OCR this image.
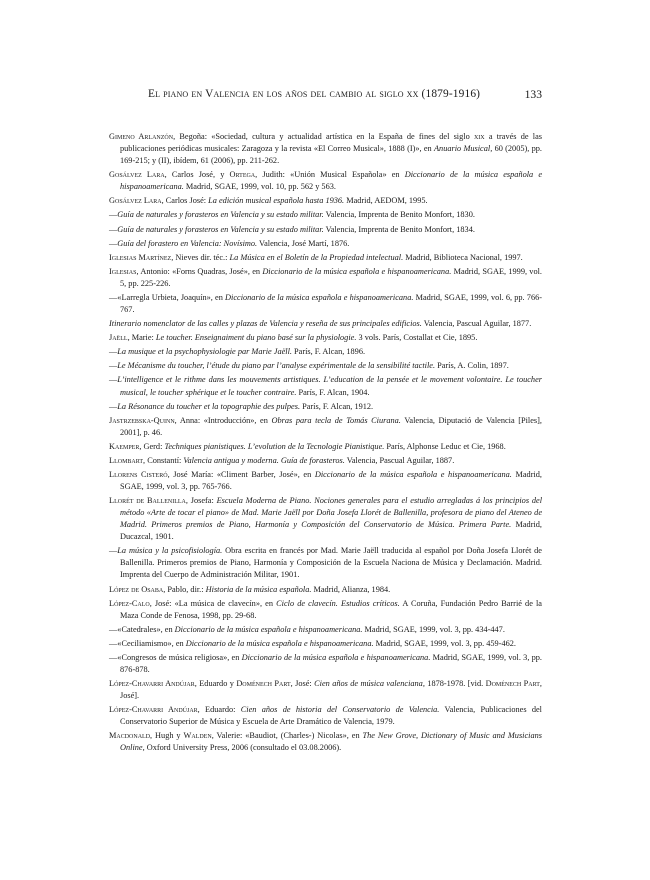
El piano en Valencia en los años del cambio al siglo xx (1879-1916)	133
Gimeno Arlanzón, Begoña: «Sociedad, cultura y actualidad artística en la España de fines del siglo xix a través de las publicaciones periódicas musicales: Zaragoza y la revista «El Correo Musical», 1888 (I)», en Anuario Musical, 60 (2005), pp. 169-215; y (II), ibídem, 61 (2006), pp. 211-262.
Gosálvez Lara, Carlos José, y Ortega, Judith: «Unión Musical Española» en Diccionario de la música española e hispanoamericana. Madrid, SGAE, 1999, vol. 10, pp. 562 y 563.
Gosálvez Lara, Carlos José: La edición musical española hasta 1936. Madrid, AEDOM, 1995.
—Guía de naturales y forasteros en Valencia y su estado militar. Valencia, Imprenta de Benito Monfort, 1830.
—Guía de naturales y forasteros en Valencia y su estado militar. Valencia, Imprenta de Benito Monfort, 1834.
—Guía del forastero en Valencia: Novísimo. Valencia, José Martí, 1876.
Iglesias Martínez, Nieves dir. téc.: La Música en el Boletín de la Propiedad intelectual. Madrid, Biblioteca Nacional, 1997.
Iglesias, Antonio: «Forns Quadras, José», en Diccionario de la música española e hispanoamericana. Madrid, SGAE, 1999, vol. 5, pp. 225-226.
—«Larregla Urbieta, Joaquín», en Diccionario de la música española e hispanoamericana. Madrid, SGAE, 1999, vol. 6, pp. 766-767.
Itinerario nomenclator de las calles y plazas de Valencia y reseña de sus principales edificios. Valencia, Pascual Aguilar, 1877.
Jaëll, Marie: Le toucher. Enseignaiment du piano basé sur la physiologie. 3 vols. París, Costallat et Cie, 1895.
—La musique et la psychophysiologie par Marie Jaëll. París, F. Alcan, 1896.
—Le Mécanisme du toucher, l’étude du piano par l’analyse expérimentale de la sensibilité tactile. París, A. Colin, 1897.
—L’intelligence et le rithme dans les mouvements artistiques. L’education de la pensée et le movement volontaire. Le toucher musical, le toucher sphérique et le toucher contraire. París, F. Alcan, 1904.
—La Résonance du toucher et la topographie des pulpes. París, F. Alcan, 1912.
Jastrzebska-Quinn, Anna: «Introducción», en Obras para tecla de Tomás Ciurana. Valencia, Diputació de Valencia [Piles], 2001], p. 46.
Kaemper, Gerd: Techniques pianistiques. L’evolution de la Tecnologie Pianistique. París, Alphonse Leduc et Cie, 1968.
Llombart, Constantí: Valencia antigua y moderna. Guía de forasteros. Valencia, Pascual Aguilar, 1887.
Llorens Cisteró, José María: «Climent Barber, José», en Diccionario de la música española e hispanoamericana. Madrid, SGAE, 1999, vol. 3, pp. 765-766.
Lloréт de Ballenilla, Josefa: Escuela Moderna de Piano. Nociones generales para el estudio arregladas á los principios del método «Arte de tocar el piano» de Mad. Marie Jaëll por Doña Josefa Llorét de Ballenilla, profesora de piano del Ateneo de Madrid. Primeros premios de Piano, Harmonía y Composición del Conservatorio de Música. Primera Parte. Madrid, Ducazcal, 1901.
—La música y la psicofisiología. Obra escrita en francés por Mad. Marie Jaëll traducida al español por Doña Josefa Llorét de Ballenilla. Primeros premios de Piano, Harmonía y Composición de la Escuela Naciona de Música y Declamación. Madrid. Imprenta del Cuerpo de Administración Militar, 1901.
López de Osaba, Pablo, dir.: Historia de la música española. Madrid, Alianza, 1984.
López-Calo, José: «La música de clavecín», en Ciclo de clavecín. Estudios críticos. A Coruña, Fundación Pedro Barrié de la Maza Conde de Fenosa, 1998, pp. 29-68.
—«Catedrales», en Diccionario de la música española e hispanoamericana. Madrid, SGAE, 1999, vol. 3, pp. 434-447.
—«Ceciliamismo», en Diccionario de la música española e hispanoamericana. Madrid, SGAE, 1999, vol. 3, pp. 459-462.
—«Congresos de música religiosa», en Diccionario de la música española e hispanoamericana. Madrid, SGAE, 1999, vol. 3, pp. 876-878.
López-Chavarri Andújar, Eduardo y Doménech Part, José: Cien años de música valenciana, 1878-1978. [vid. Doménech Part, José].
López-Chavarri Andújar, Eduardo: Cien años de historia del Conservatorio de Valencia. Valencia, Publicaciones del Conservatorio Superior de Música y Escuela de Arte Dramático de Valencia, 1979.
Macdonald, Hugh y Walden, Valerie: «Baudiot, (Charles-) Nicolas», en The New Grove, Dictionary of Music and Musicians Online, Oxford University Press, 2006 (consultado el 03.08.2006).
